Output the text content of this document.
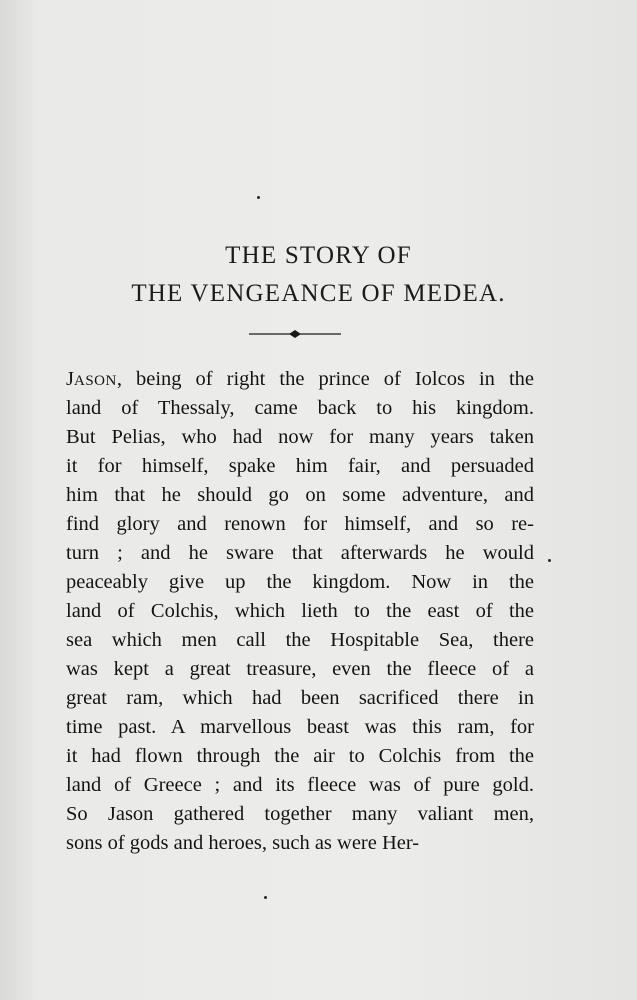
THE STORY OF
THE VENGEANCE OF MEDEA.
JASON, being of right the prince of Iolcos in the
land of Thessaly, came back to his kingdom.
But Pelias, who had now for many years taken
it for himself, spake him fair, and persuaded
him that he should go on some adventure, and
find glory and renown for himself, and so re-
turn ; and he sware that afterwards he would
peaceably give up the kingdom. Now in the
land of Colchis, which lieth to the east of the
sea which men call the Hospitable Sea, there
was kept a great treasure, even the fleece of a
great ram, which had been sacrificed there in
time past. A marvellous beast was this ram, for
it had flown through the air to Colchis from the
land of Greece ; and its fleece was of pure gold.
So Jason gathered together many valiant men,
sons of gods and heroes, such as were Her-
